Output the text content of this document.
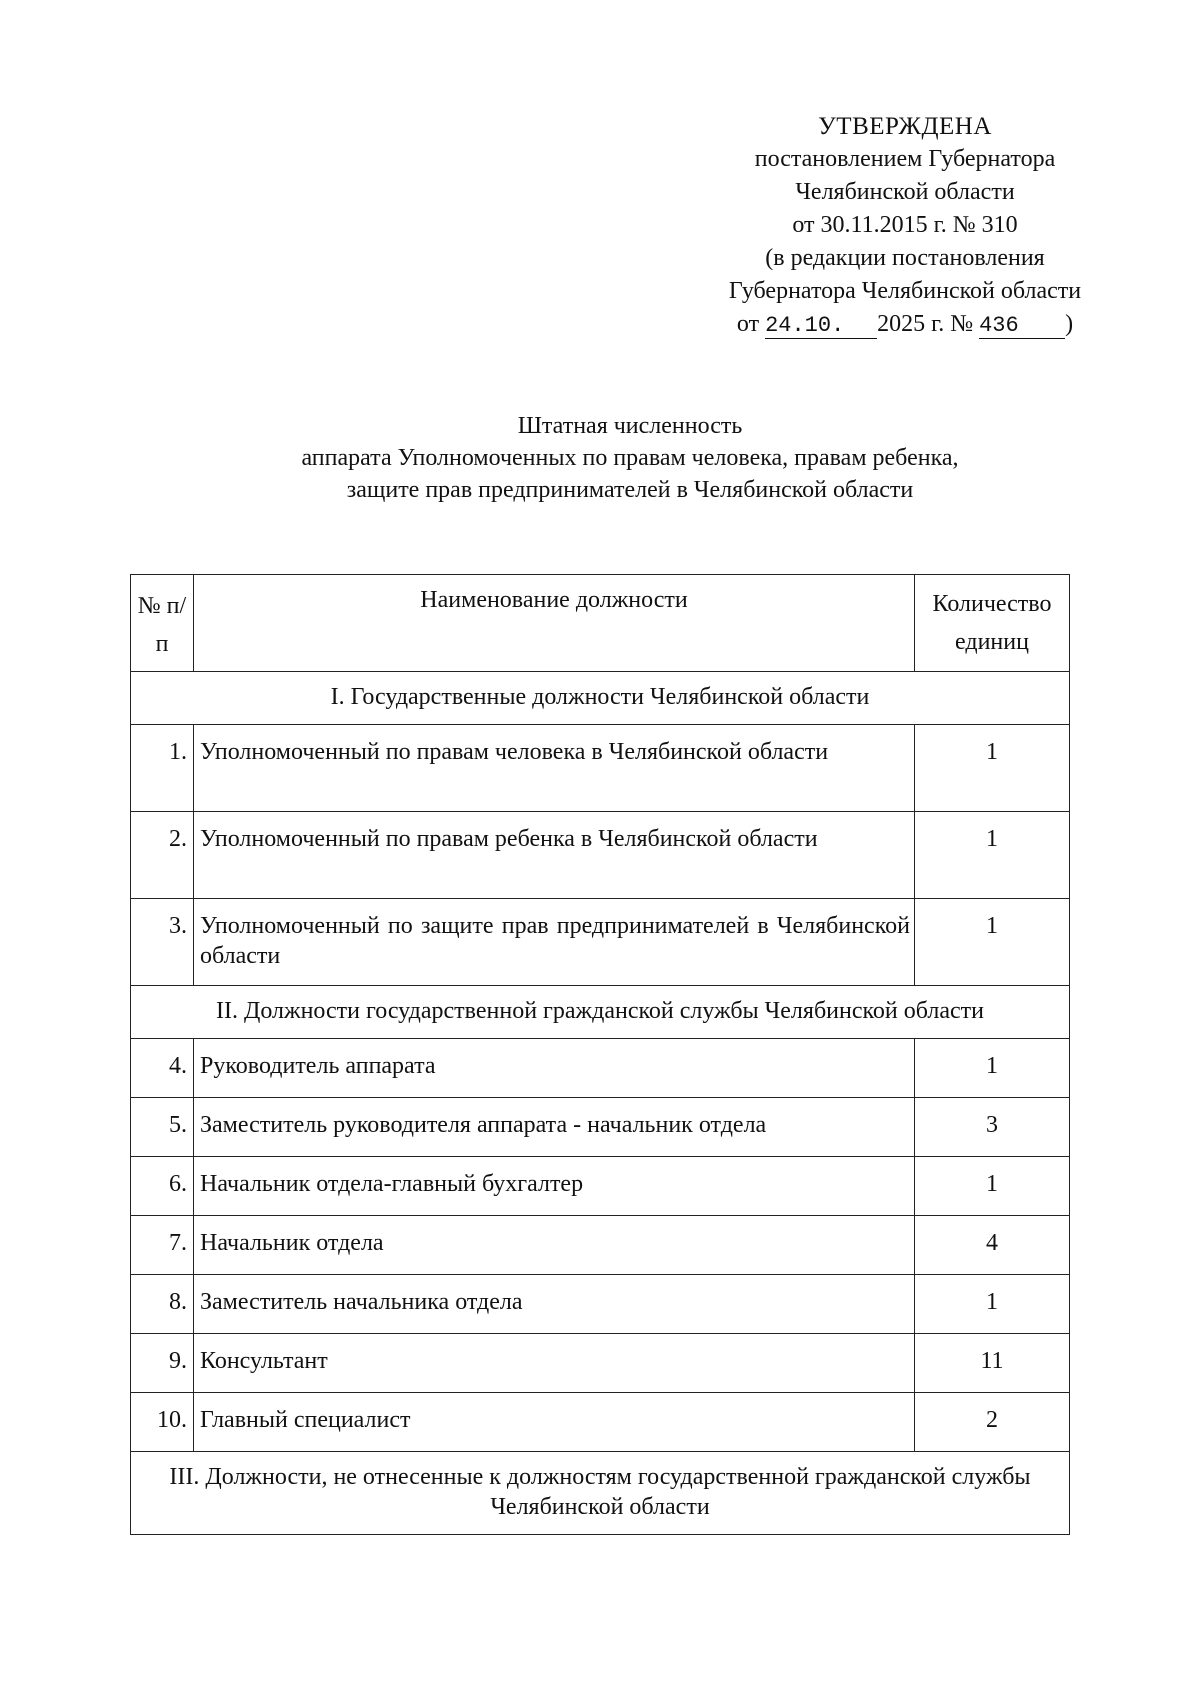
УТВЕРЖДЕНА
постановлением Губернатора
Челябинской области
от 30.11.2015 г. № 310
(в редакции постановления
Губернатора Челябинской области
от 24.10. 2025 г. № 436 )
Штатная численность
аппарата Уполномоченных по правам человека, правам ребенка,
защите прав предпринимателей в Челябинской области
№ п/п	Наименование должности	Количество единиц
I. Государственные должности Челябинской области		
1.	Уполномоченный по правам человека в Челябинской области	1
2.	Уполномоченный по правам ребенка в Челябинской области	1
3.	Уполномоченный по защите прав предпринимателей в Челябинской области	1
II. Должности государственной гражданской службы Челябинской области		
4.	Руководитель аппарата	1
5.	Заместитель руководителя аппарата - начальник отдела	3
6.	Начальник отдела-главный бухгалтер	1
7.	Начальник отдела	4
8.	Заместитель начальника отдела	1
9.	Консультант	11
10.	Главный специалист	2
III. Должности, не отнесенные к должностям государственной гражданской службы Челябинской области		
